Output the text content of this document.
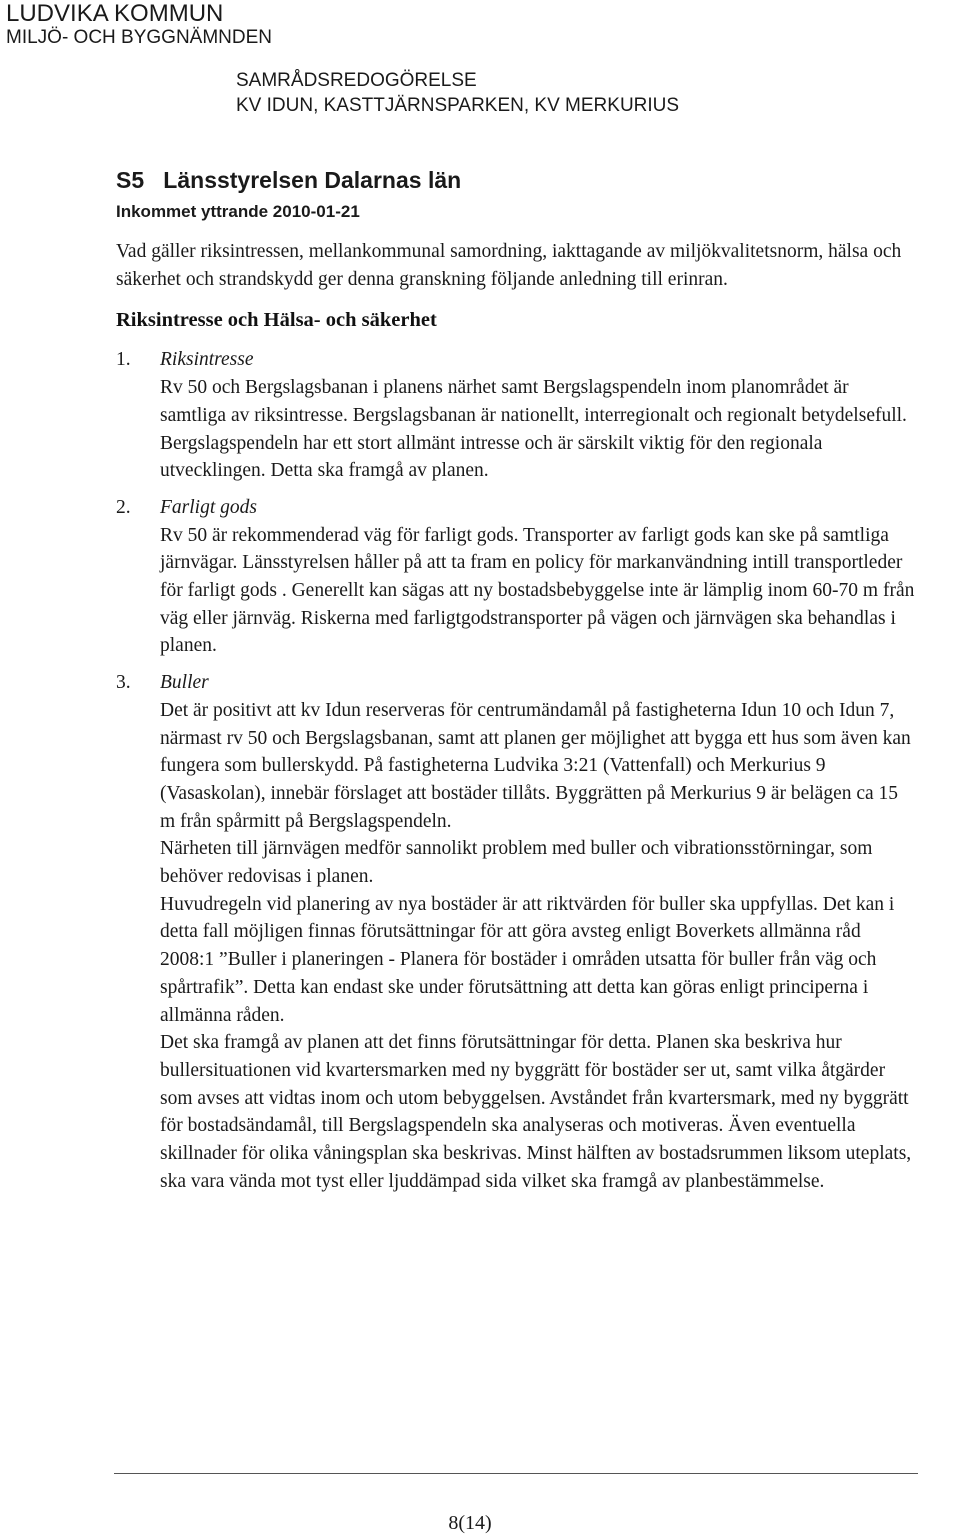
LUDVIKA KOMMUN
MILJÖ- OCH BYGGNÄMNDEN
SAMRÅDSREDOGÖRELSE
KV IDUN, KASTTJÄRNSPARKEN, KV MERKURIUS
S5   Länsstyrelsen Dalarnas län
Inkommet yttrande 2010-01-21

Vad gäller riksintressen, mellankommunal samordning, iakttagande av miljökvalitetsnorm, hälsa och säkerhet och strandskydd ger denna granskning följande anledning till erinran.

Riksintresse och Hälsa- och säkerhet
1. Riksintresse

Rv 50 och Bergslagsbanan i planens närhet samt Bergslagspendeln inom planområdet är samtliga av riksintresse. Bergslagsbanan är nationellt, interregionalt och regionalt betydelsefull. Bergslagspendeln har ett stort allmänt intresse och är särskilt viktig för den regionala utvecklingen. Detta ska framgå av planen.

2. Farligt gods

Rv 50 är rekommenderad väg för farligt gods. Transporter av farligt gods kan ske på samtliga järnvägar. Länsstyrelsen håller på att ta fram en policy för markanvändning intill transportleder för farligt gods . Generellt kan sägas att ny bostadsbebyggelse inte är lämplig inom 60-70 m från väg eller järnväg. Riskerna med farligtgodstransporter på vägen och järnvägen ska behandlas i planen.

3. Buller

Det är positivt att kv Idun reserveras för centrumändamål på fastigheterna Idun 10 och Idun 7, närmast rv 50 och Bergslagsbanan, samt att planen ger möjlighet att bygga ett hus som även kan fungera som bullerskydd. På fastigheterna Ludvika 3:21 (Vattenfall) och Merkurius 9 (Vasaskolan), innebär förslaget att bostäder tillåts. Byggrätten på Merkurius 9 är belägen ca 15 m från spårmitt på Bergslagspendeln.

Närheten till järnvägen medför sannolikt problem med buller och vibrationsstörningar, som behöver redovisas i planen.

Huvudregeln vid planering av nya bostäder är att riktvärden för buller ska uppfyllas. Det kan i detta fall möjligen finnas förutsättningar för att göra avsteg enligt Boverkets allmänna råd 2008:1 ”Buller i planeringen - Planera för bostäder i områden utsatta för buller från väg och spårtrafik”. Detta kan endast ske under förutsättning att detta kan göras enligt principerna i allmänna råden.

Det ska framgå av planen att det finns förutsättningar för detta. Planen ska beskriva hur bullersituationen vid kvartersmarken med ny byggrätt för bostäder ser ut, samt vilka åtgärder som avses att vidtas inom och utom bebyggelsen. Avståndet från kvartersmark, med ny byggrätt för bostadsändamål, till Bergslagspendeln ska analyseras och motiveras. Även eventuella skillnader för olika våningsplan ska beskrivas. Minst hälften av bostadsrummen liksom uteplats, ska vara vända mot tyst eller ljuddämpad sida vilket ska framgå av planbestämmelse.

8(14)
